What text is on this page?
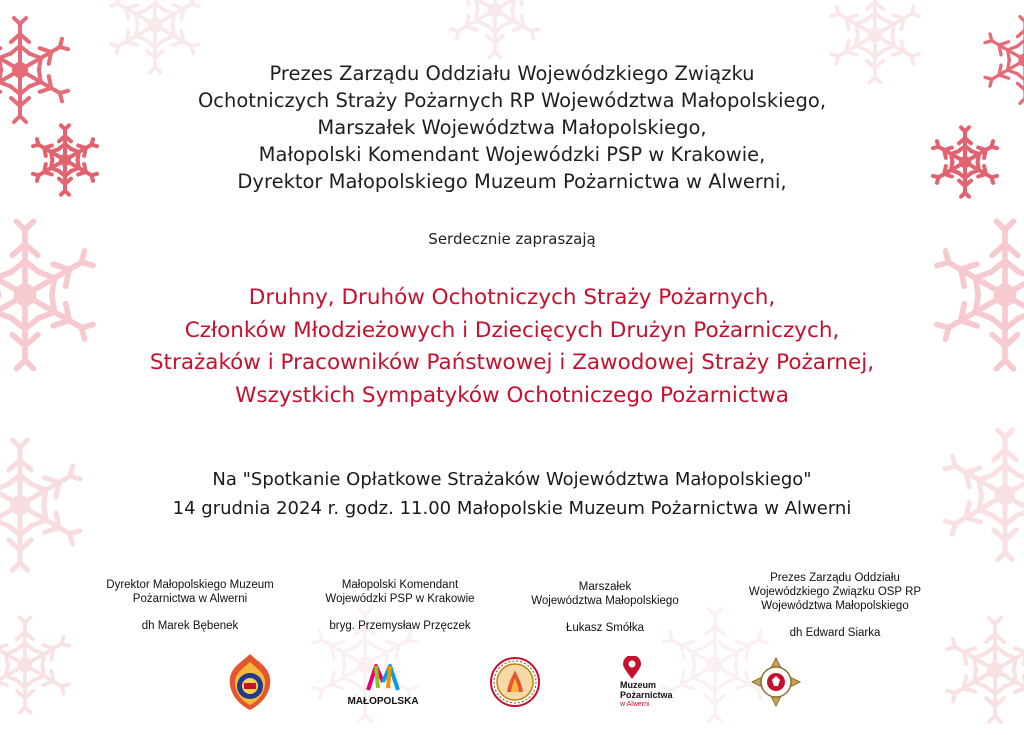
Prezes Zarządu Oddziału Wojewódzkiego Związku
Ochotniczych Straży Pożarnych RP Województwa Małopolskiego,
Marszałek Województwa Małopolskiego,
Małopolski Komendant Wojewódzki PSP w Krakowie,
Dyrektor Małopolskiego Muzeum Pożarnictwa w Alwerni,
Serdecznie zapraszają
Druhny, Druhów Ochotniczych Straży Pożarnych,
Członków Młodzieżowych i Dziecięcych Drużyn Pożarniczych,
Strażaków i Pracowników Państwowej i Zawodowej Straży Pożarnej,
Wszystkich Sympatyków Ochotniczego Pożarnictwa
Na "Spotkanie Opłatkowe Strażaków Województwa Małopolskiego"
14 grudnia 2024 r. godz. 11.00 Małopolskie Muzeum Pożarnictwa w Alwerni
Dyrektor Małopolskiego Muzeum
Pożarnictwa w Alwerni
dh Marek Bębenek
Małopolski Komendant
Wojewódzki PSP w Krakowie
bryg. Przemysław Przęczek
Marszałek
Województwa Małopolskiego
Łukasz Smółka
Prezes Zarządu Oddziału
Wojewódzkiego Związku OSP RP
Województwa Małopolskiego
dh Edward Siarka
MAŁOPOLSKA
Muzeum
Pożarnictwa
w Alwerni
